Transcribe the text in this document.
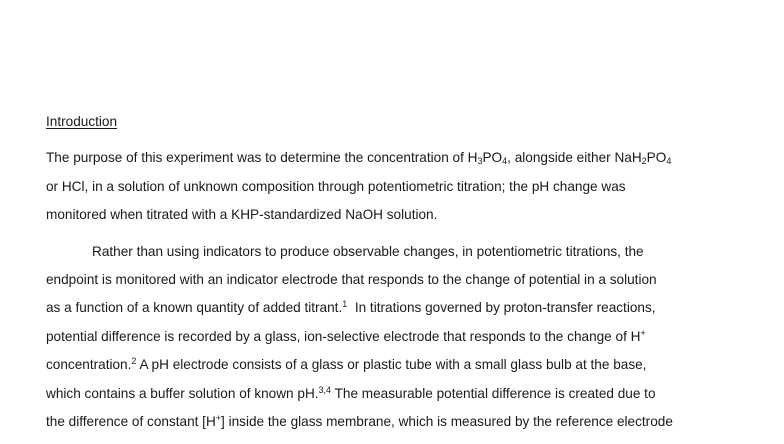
Introduction
The purpose of this experiment was to determine the concentration of $H_3PO_4$, alongside either $NaH_2PO_4$
or HCl, in a solution of unknown composition through potentiometric titration; the pH change was
monitored when titrated with a KHP-standardized NaOH solution.
Rather than using indicators to produce observable changes, in potentiometric titrations, the
endpoint is monitored with an indicator electrode that responds to the change of potential in a solution
as a function of a known quantity of added titrant.$^1$  In titrations governed by proton-transfer reactions,
potential difference is recorded by a glass, ion-selective electrode that responds to the change of H+
concentration.$^2$ A pH electrode consists of a glass or plastic tube with a small glass bulb at the base,
which contains a buffer solution of known pH.$^{3,4}$ The measurable potential difference is created due to
the difference of constant [H+] inside the glass membrane, which is measured by the reference electrode
